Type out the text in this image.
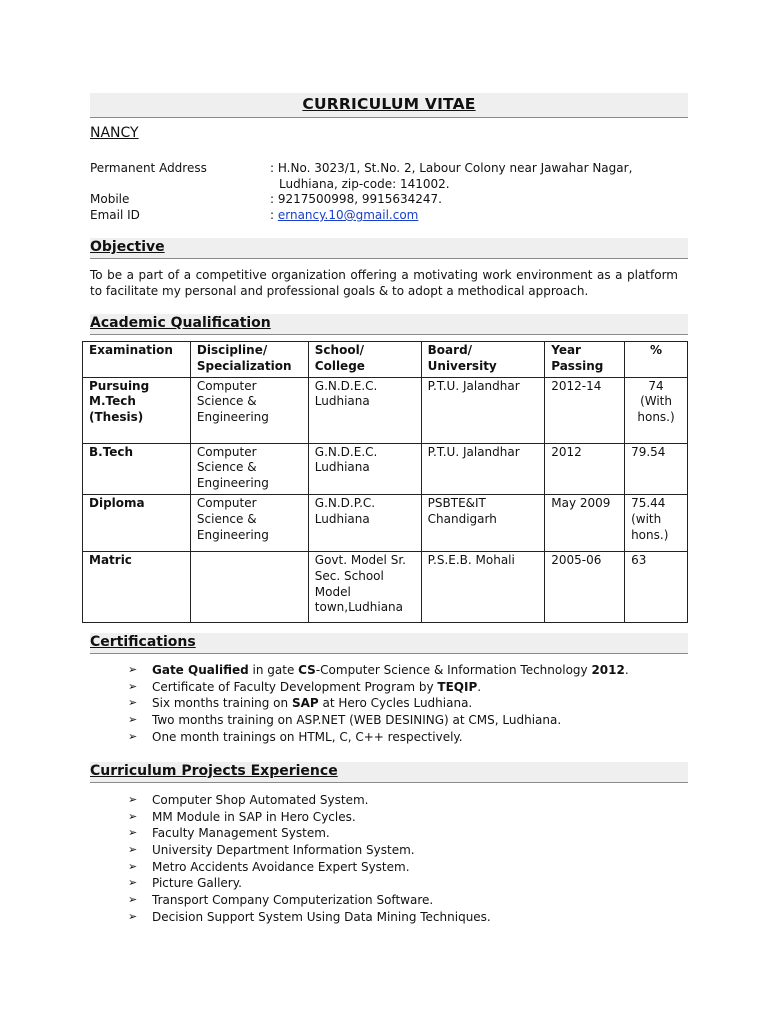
CURRICULUM VITAE
NANCY
Permanent Address	: H.No. 3023/1, St.No. 2, Labour Colony near Jawahar Nagar,
Ludhiana, zip-code: 141002.
Mobile	: 9217500998, 9915634247.
Email ID	: ernancy.10@gmail.com
Objective
To be a part of a competitive organization offering a motivating work environment as a platform to facilitate my personal and professional goals & to adopt a methodical approach.
Academic Qualification
Examination	Discipline/ Specialization	School/ College	Board/ University	Year Passing	%
Pursuing M.Tech (Thesis)	Computer Science & Engineering	G.N.D.E.C. Ludhiana	P.T.U. Jalandhar	2012-14	74 (With hons.)
B.Tech	Computer Science & Engineering	G.N.D.E.C. Ludhiana	P.T.U. Jalandhar	2012	79.54
Diploma	Computer Science & Engineering	G.N.D.P.C. Ludhiana	PSBTE&IT Chandigarh	May 2009	75.44 (with hons.)
Matric		Govt. Model Sr. Sec. School Model town,Ludhiana	P.S.E.B. Mohali	2005-06	63
Certifications
➢ Gate Qualified in gate CS-Computer Science & Information Technology 2012.
➢ Certificate of Faculty Development Program by TEQIP.
➢ Six months training on SAP at Hero Cycles Ludhiana.
➢ Two months training on ASP.NET (WEB DESINING) at CMS, Ludhiana.
➢ One month trainings on HTML, C, C++ respectively.
Curriculum Projects Experience
➢ Computer Shop Automated System.
➢ MM Module in SAP in Hero Cycles.
➢ Faculty Management System.
➢ University Department Information System.
➢ Metro Accidents Avoidance Expert System.
➢ Picture Gallery.
➢ Transport Company Computerization Software.
➢ Decision Support System Using Data Mining Techniques.
